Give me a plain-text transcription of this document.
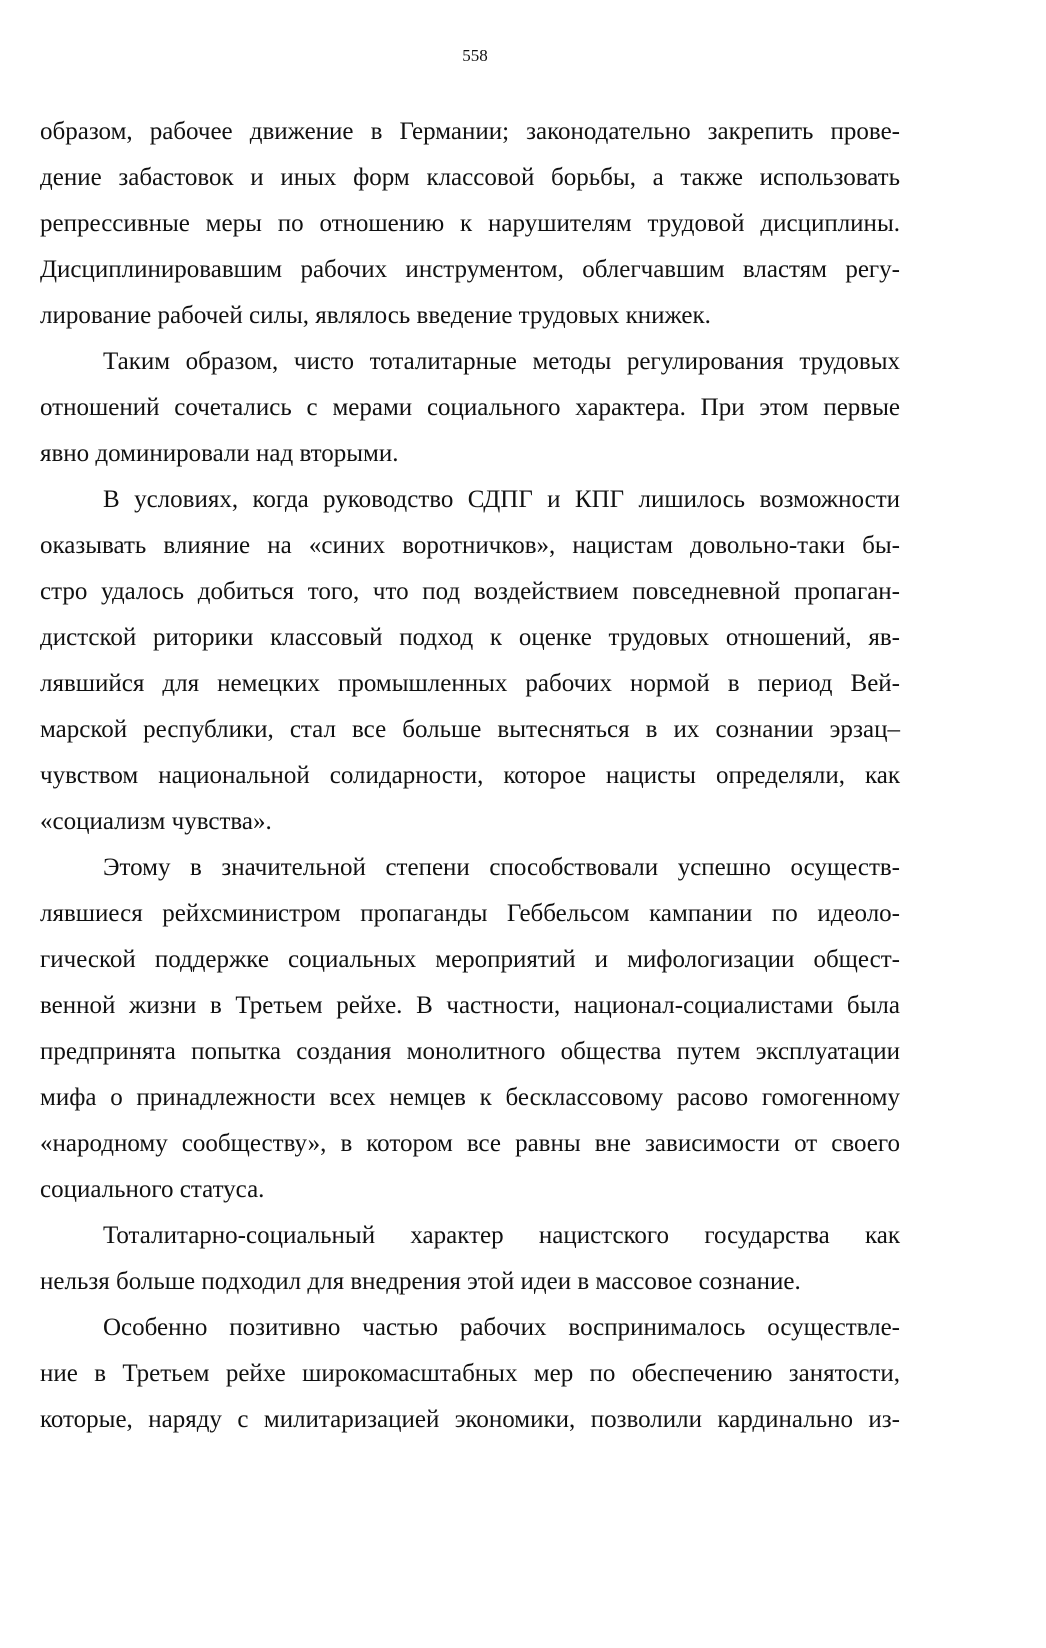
558
образом, рабочее движение в Германии; законодательно закрепить прове-
дение забастовок и иных форм классовой борьбы, а также использовать
репрессивные меры по отношению к нарушителям трудовой дисциплины.
Дисциплинировавшим рабочих инструментом, облегчавшим властям регу-
лирование рабочей силы, являлось введение трудовых книжек.
Таким образом, чисто тоталитарные методы регулирования трудовых
отношений сочетались с мерами социального характера. При этом первые
явно доминировали над вторыми.
В условиях, когда руководство СДПГ и КПГ лишилось возможности
оказывать влияние на «синих воротничков», нацистам довольно-таки бы-
стро удалось добиться того, что под воздействием повседневной пропаган-
дистской риторики классовый подход к оценке трудовых отношений, яв-
лявшийся для немецких промышленных рабочих нормой в период Вей-
марской республики, стал все больше вытесняться в их сознании эрзац–
чувством национальной солидарности, которое нацисты определяли, как
«социализм чувства».
Этому в значительной степени способствовали успешно осуществ-
лявшиеся рейхсминистром пропаганды Геббельсом кампании по идеоло-
гической поддержке социальных мероприятий и мифологизации общест-
венной жизни в Третьем рейхе. В частности, национал-социалистами была
предпринята попытка создания монолитного общества путем эксплуатации
мифа о принадлежности всех немцев к бесклассовому расово гомогенному
«народному сообществу», в котором все равны вне зависимости от своего
социального статуса.
Тоталитарно-социальный характер нацистского государства как
нельзя больше подходил для внедрения этой идеи в массовое сознание.
Особенно позитивно частью рабочих воспринималось осуществле-
ние в Третьем рейхе широкомасштабных мер по обеспечению занятости,
которые, наряду с милитаризацией экономики, позволили кардинально из-
